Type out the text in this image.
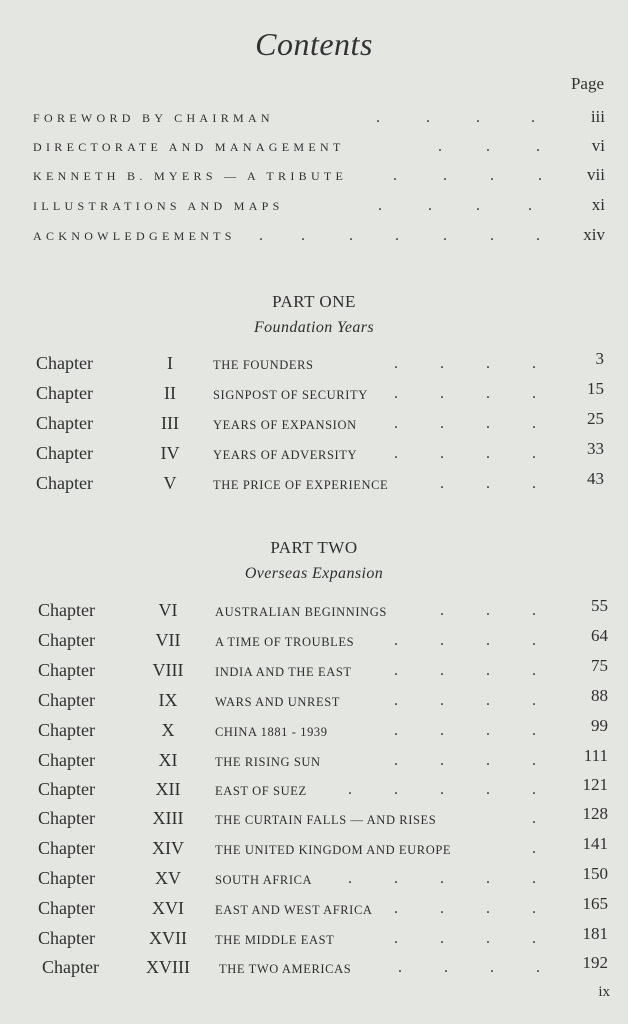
Contents
Page
FOREWORD BY CHAIRMAN	.	.	.	.	iii
DIRECTORATE AND MANAGEMENT	.	.	.	vi
KENNETH B. MYERS — A TRIBUTE	.	.	.	.	vii
ILLUSTRATIONS AND MAPS	.	.	.	.	xi
ACKNOWLEDGEMENTS . .	.	.	.	.	.	xiv
PART ONE
Foundation Years
Chapter	I	THE FOUNDERS	.	.	.	.	3
Chapter	II	SIGNPOST OF SECURITY .	.	.	.	15
Chapter	III	YEARS OF EXPANSION .	.	.	.	25
Chapter	IV	YEARS OF ADVERSITY .	.	.	.	33
Chapter	V	THE PRICE OF EXPERIENCE	.	.	.	43
PART TWO
Overseas Expansion
Chapter	VI	AUSTRALIAN BEGINNINGS	.	.	.	55
Chapter	VII	A TIME OF TROUBLES .	.	.	.	64
Chapter	VIII	INDIA AND THE EAST	.	.	.	.	75
Chapter	IX	WARS AND UNREST	.	.	.	.	88
Chapter	X	CHINA 1881 - 1939	.	.	.	.	99
Chapter	XI	THE RISING SUN	.	.	.	.	111
Chapter	XII	EAST OF SUEZ	.	.	.	.	.	121
Chapter	XIII	THE CURTAIN FALLS — AND RISES	.	128
Chapter	XIV	THE UNITED KINGDOM AND EUROPE	.	141
Chapter	XV	SOUTH AFRICA .	.	.	.	.	150
Chapter	XVI	EAST AND WEST AFRICA .	.	.	.	165
Chapter	XVII	THE MIDDLE EAST	.	.	.	.	181
Chapter	XVIII	THE TWO AMERICAS	.	.	.	.	192
ix
